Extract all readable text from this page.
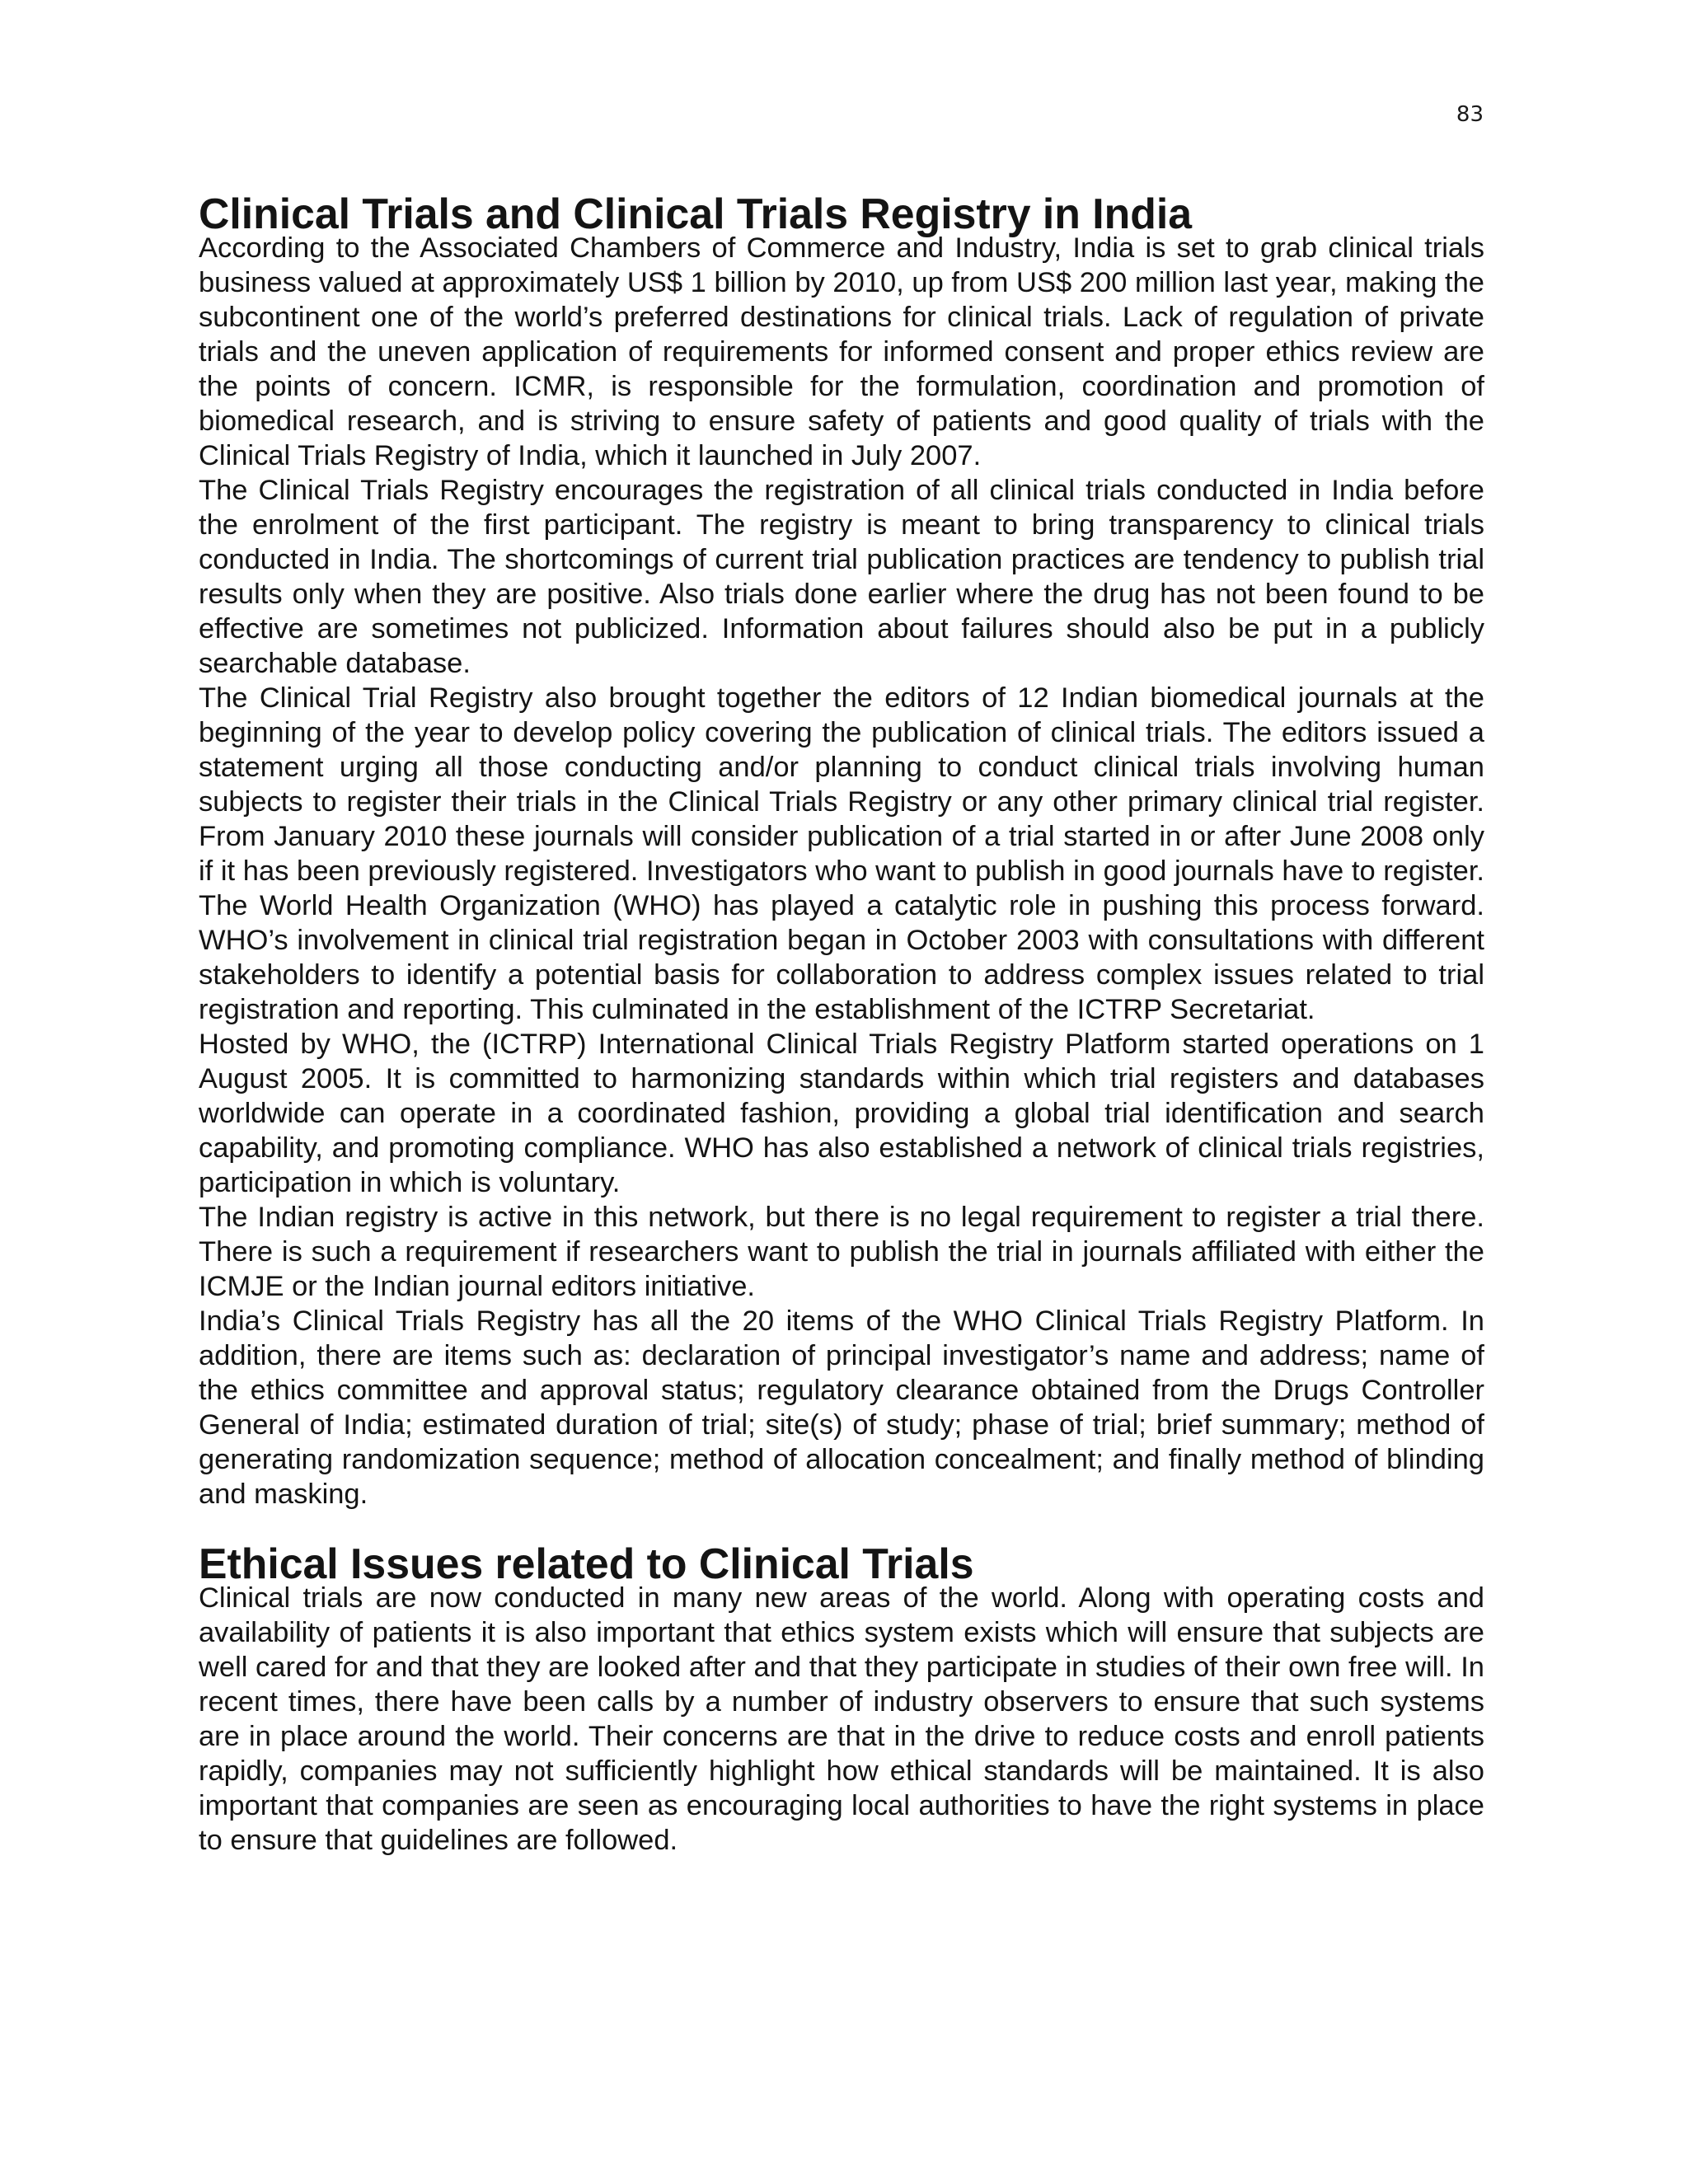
83
Clinical Trials and Clinical Trials Registry in India

According to the Associated Chambers of Commerce and Industry, India is set to grab clinical trials business valued at approximately US$ 1 billion by 2010, up from US$ 200 million last year, making the subcontinent one of the world’s preferred destinations for clinical trials. Lack of regulation of private trials and the uneven application of requirements for informed consent and proper ethics review are the points of concern. ICMR, is responsible for the formulation, coordination and promotion of biomedical research, and is striving to ensure safety of patients and good quality of trials with the Clinical Trials Registry of India, which it launched in July 2007.

The Clinical Trials Registry encourages the registration of all clinical trials conducted in India before the enrolment of the first participant. The registry is meant to bring transparency to clinical trials conducted in India. The shortcomings of current trial publication practices are tendency to publish trial results only when they are positive. Also trials done earlier where the drug has not been found to be effective are sometimes not publicized. Information about failures should also be put in a publicly searchable database.

The Clinical Trial Registry also brought together the editors of 12 Indian biomedical journals at the beginning of the year to develop policy covering the publication of clinical trials. The editors issued a statement urging all those conducting and/or planning to conduct clinical trials involving human subjects to register their trials in the Clinical Trials Registry or any other primary clinical trial register. From January 2010 these journals will consider publication of a trial started in or after June 2008 only if it has been previously registered. Investigators who want to publish in good journals have to register. The World Health Organization (WHO) has played a catalytic role in pushing this process forward. WHO’s involvement in clinical trial registration began in October 2003 with consultations with different stakeholders to identify a potential basis for collaboration to address complex issues related to trial registration and reporting. This culminated in the establishment of the ICTRP Secretariat.

Hosted by WHO, the (ICTRP) International Clinical Trials Registry Platform started operations on 1 August 2005. It is committed to harmonizing standards within which trial registers and databases worldwide can operate in a coordinated fashion, providing a global trial identification and search capability, and promoting compliance. WHO has also established a network of clinical trials registries, participation in which is voluntary.

The Indian registry is active in this network, but there is no legal requirement to register a trial there. There is such a requirement if researchers want to publish the trial in journals affiliated with either the ICMJE or the Indian journal editors initiative.

India’s Clinical Trials Registry has all the 20 items of the WHO Clinical Trials Registry Platform. In addition, there are items such as: declaration of principal investigator’s name and address; name of the ethics committee and approval status; regulatory clearance obtained from the Drugs Controller General of India; estimated duration of trial; site(s) of study; phase of trial; brief summary; method of generating randomization sequence; method of allocation concealment; and finally method of blinding and masking.

Ethical Issues related to Clinical Trials

Clinical trials are now conducted in many new areas of the world. Along with operating costs and availability of patients it is also important that ethics system exists which will ensure that subjects are well cared for and that they are looked after and that they participate in studies of their own free will. In recent times, there have been calls by a number of industry observers to ensure that such systems are in place around the world. Their concerns are that in the drive to reduce costs and enroll patients rapidly, companies may not sufficiently highlight how ethical standards will be maintained. It is also important that companies are seen as encouraging local authorities to have the right systems in place to ensure that guidelines are followed.
